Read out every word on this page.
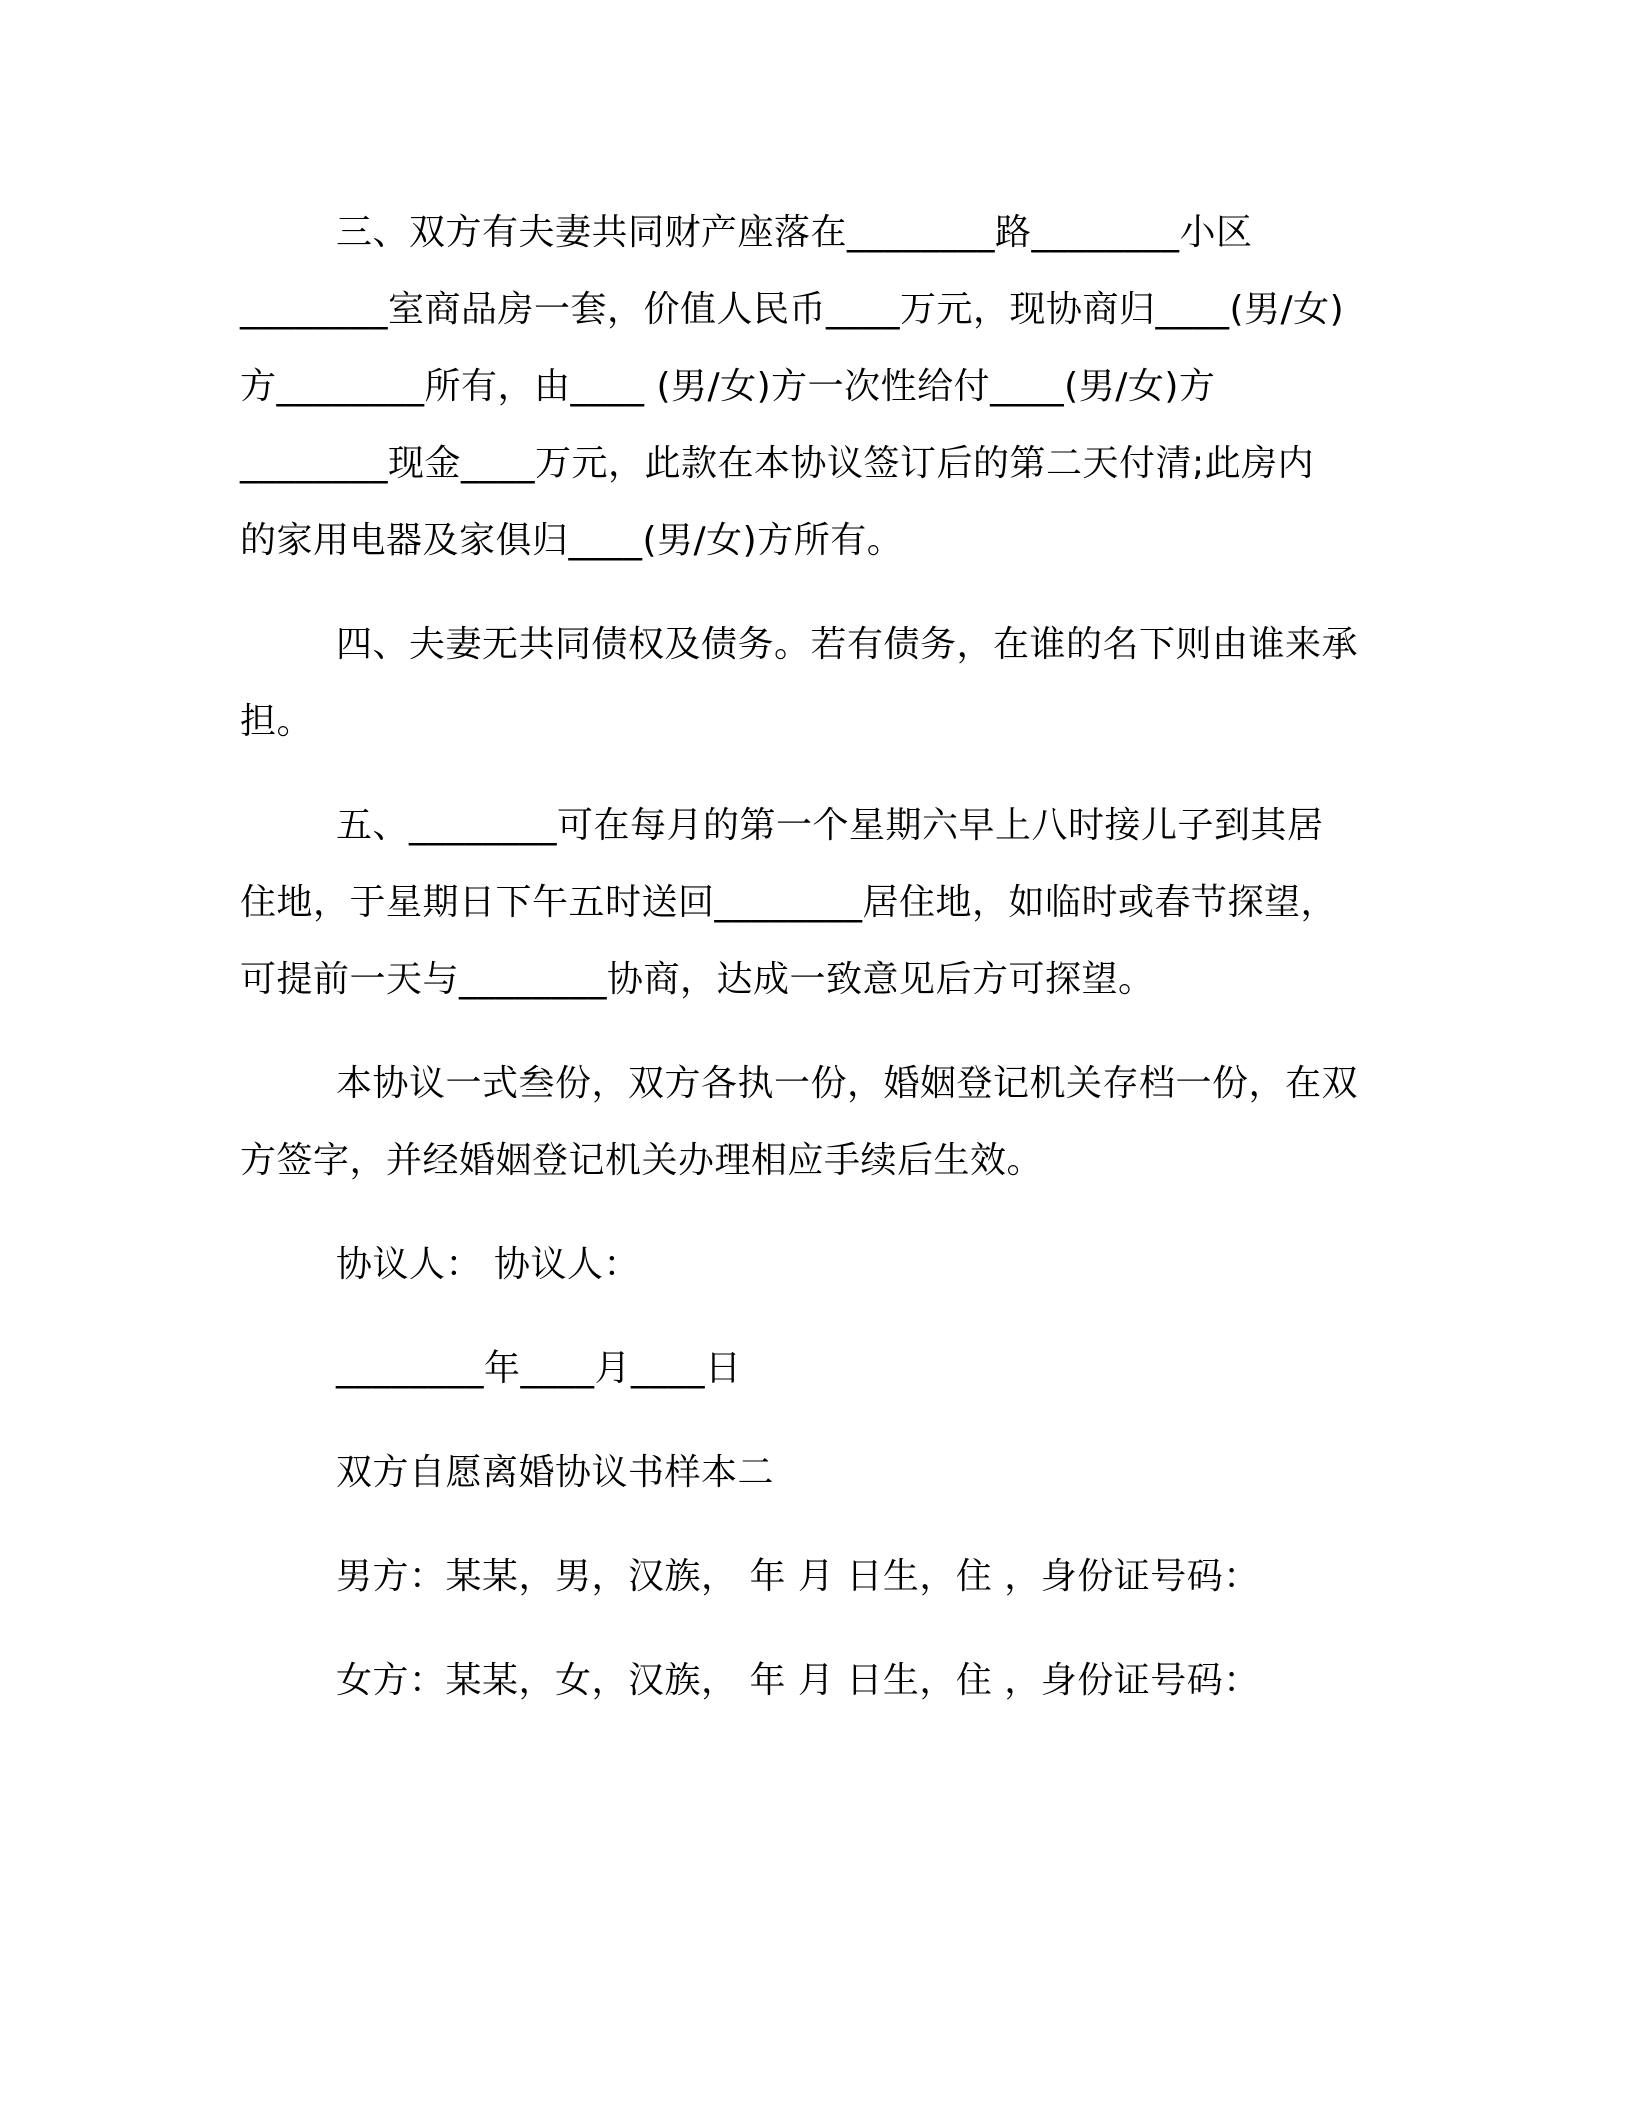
三、双方有夫妻共同财产座落在________路________小区
________室商品房一套，价值人民币____万元，现协商归____(男/女)
方________所有，由____ (男/女)方一次性给付____(男/女)方
________现金____万元，此款在本协议签订后的第二天付清;此房内
的家用电器及家俱归____(男/女)方所有。
四、夫妻无共同债权及债务。若有债务，在谁的名下则由谁来承
担。
五、________可在每月的第一个星期六早上八时接儿子到其居
住地，于星期日下午五时送回________居住地，如临时或春节探望，
可提前一天与________协商，达成一致意见后方可探望。
本协议一式叁份，双方各执一份，婚姻登记机关存档一份，在双
方签字，并经婚姻登记机关办理相应手续后生效。
协议人： 协议人：
________年____月____日
双方自愿离婚协议书样本二
男方：某某，男，汉族， 年 月 日生，住 ，身份证号码：
女方：某某，女，汉族， 年 月 日生，住 ，身份证号码：
